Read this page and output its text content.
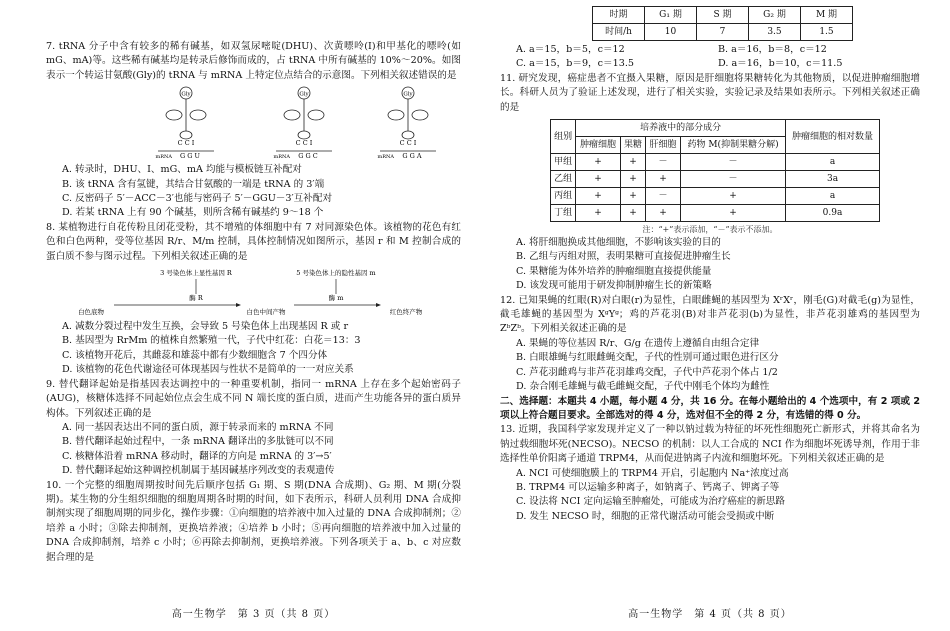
7. tRNA 分子中含有较多的稀有碱基，如双氢尿嘧啶(DHU)、次黄嘌呤(I)和甲基化的嘌呤(如 mG、mA)等。这些稀有碱基均是转录后修饰而成的，占 tRNA 中所有碱基的 10%～20%。如图表示一个转运甘氨酸(Gly)的 tRNA 与 mRNA 上特定位点结合的示意图。下列相关叙述错误的是

Gly	Gly	Gly
C C I	C C I	C C I
G G U	G G C	G G A
mRNA	mRNA	mRNA

A. 转录时，DHU、I、mG、mA 均能与模板链互补配对

B. 该 tRNA 含有氢键，其结合甘氨酸的一端是 tRNA 的 3′端

C. 反密码子 5′－ACC－3′也能与密码子 5′－GGU－3′互补配对

D. 若某 tRNA 上有 90 个碱基，则所含稀有碱基约 9～18 个

8. 某植物进行自花传粉且闭花受粉，其不增殖的体细胞中有 7 对同源染色体。该植物的花色有红色和白色两种，受等位基因 R/r、M/m 控制，具体控制情况如图所示，基因 r 和 M 控制合成的蛋白质不参与图示过程。下列相关叙述正确的是

3 号染色体上显性基因 R	5 号染色体上的隐性基因 m
酶 R	酶 m
白色底物	白色中间产物	红色终产物

A. 减数分裂过程中发生互换，会导致 5 号染色体上出现基因 R 或 r

B. 基因型为 RrMm 的植株自然繁殖一代，子代中红花：白花＝13：3

C. 该植物开花后，其雌蕊和雄蕊中都有少数细胞含 7 个四分体

D. 该植物的花色代谢途径可体现基因与性状不是简单的一一对应关系

9. 替代翻译起始是指基因表达调控中的一种重要机制，指同一 mRNA 上存在多个起始密码子(AUG)，核糖体选择不同起始位点会生成不同 N 端长度的蛋白质，进而产生功能各异的蛋白质异构体。下列叙述正确的是

A. 同一基因表达出不同的蛋白质，源于转录而来的 mRNA 不同

B. 替代翻译起始过程中，一条 mRNA 翻译出的多肽链可以不同

C. 核糖体沿着 mRNA 移动时，翻译的方向是 mRNA 的 3′→5′

D. 替代翻译起始这种调控机制属于基因碱基序列改变的表观遗传

10. 一个完整的细胞周期按时间先后顺序包括 G₁ 期、S 期(DNA 合成期)、G₂ 期、M 期(分裂期)。某生物的分生组织细胞的细胞周期各时期的时间，如下表所示，科研人员利用 DNA 合成抑制剂实现了细胞周期的同步化，操作步骤：①向细胞的培养液中加入过量的 DNA 合成抑制剂；②培养 a 小时；③除去抑制剂，更换培养液；④培养 b 小时；⑤再向细胞的培养液中加入过量的 DNA 合成抑制剂，培养 c 小时；⑥再除去抑制剂，更换培养液。下列各项关于 a、b、c 对应数据合理的是

高一生物学　第 3 页（共 8 页）
时期	G₁ 期	S 期	G₂ 期	M 期
时间/h	10	7	3.5	1.5
A. a＝15，b＝5，c＝12	B. a＝16，b＝8，c＝12
C. a＝15，b＝9，c＝13.5	D. a＝16，b＝10，c＝11.5

11. 研究发现，癌症患者不宜摄入果糖，原因是肝细胞将果糖转化为其他物质，以促进肿瘤细胞增长。科研人员为了验证上述发现，进行了相关实验，实验记录及结果如表所示。下列相关叙述正确的是

组别	培养液中的部分成分				肿瘤细胞的相对数量
	肿瘤细胞	果糖	肝细胞	药物 M(抑制果糖分解)	
甲组	+	+	－	－	a
乙组	+	+	+	－	3a
丙组	+	+	－	+	a
丁组	+	+	+	+	0.9a
注：“+”表示添加，“－”表示不添加。

A. 将肝细胞换成其他细胞，不影响该实验的目的

B. 乙组与丙组对照，表明果糖可直接促进肿瘤生长

C. 果糖能为体外培养的肿瘤细胞直接提供能量

D. 该发现可能用于研发抑制肿瘤生长的新策略

12. 已知果蝇的红眼(R)对白眼(r)为显性，白眼雌蝇的基因型为 XʳXʳ，刚毛(G)对截毛(g)为显性，截毛雄蝇的基因型为 XᵍYᵍ；鸡的芦花羽(B)对非芦花羽(b)为显性，非芦花羽雄鸡的基因型为 ZᵇZᵇ。下列相关叙述正确的是

A. 果蝇的等位基因 R/r、G/g 在遗传上遵循自由组合定律

B. 白眼雄蝇与红眼雌蝇交配，子代的性别可通过眼色进行区分

C. 芦花羽雌鸡与非芦花羽雄鸡交配，子代中芦花羽个体占 1/2

D. 杂合刚毛雄蝇与截毛雌蝇交配，子代中刚毛个体均为雌性

二、选择题：本题共 4 小题，每小题 4 分，共 16 分。在每小题给出的 4 个选项中，有 2 项或 2 项以上符合题目要求。全部选对的得 4 分，选对但不全的得 2 分，有选错的得 0 分。

13. 近期，我国科学家发现并定义了一种以钠过载为特征的坏死性细胞死亡新形式，并将其命名为钠过载细胞坏死(NECSO)。NECSO 的机制：以人工合成的 NCI 作为细胞坏死诱导剂，作用于非选择性单价阳离子通道 TRPM4，从而促进钠离子内流和细胞坏死。下列相关叙述正确的是

A. NCI 可使细胞膜上的 TRPM4 开启，引起胞内 Na⁺浓度过高

B. TRPM4 可以运输多种离子，如钠离子、钙离子、钾离子等

C. 设法将 NCI 定向运输至肿瘤处，可能成为治疗癌症的新思路

D. 发生 NECSO 时，细胞的正常代谢活动可能会受损或中断

高一生物学　第 4 页（共 8 页）
